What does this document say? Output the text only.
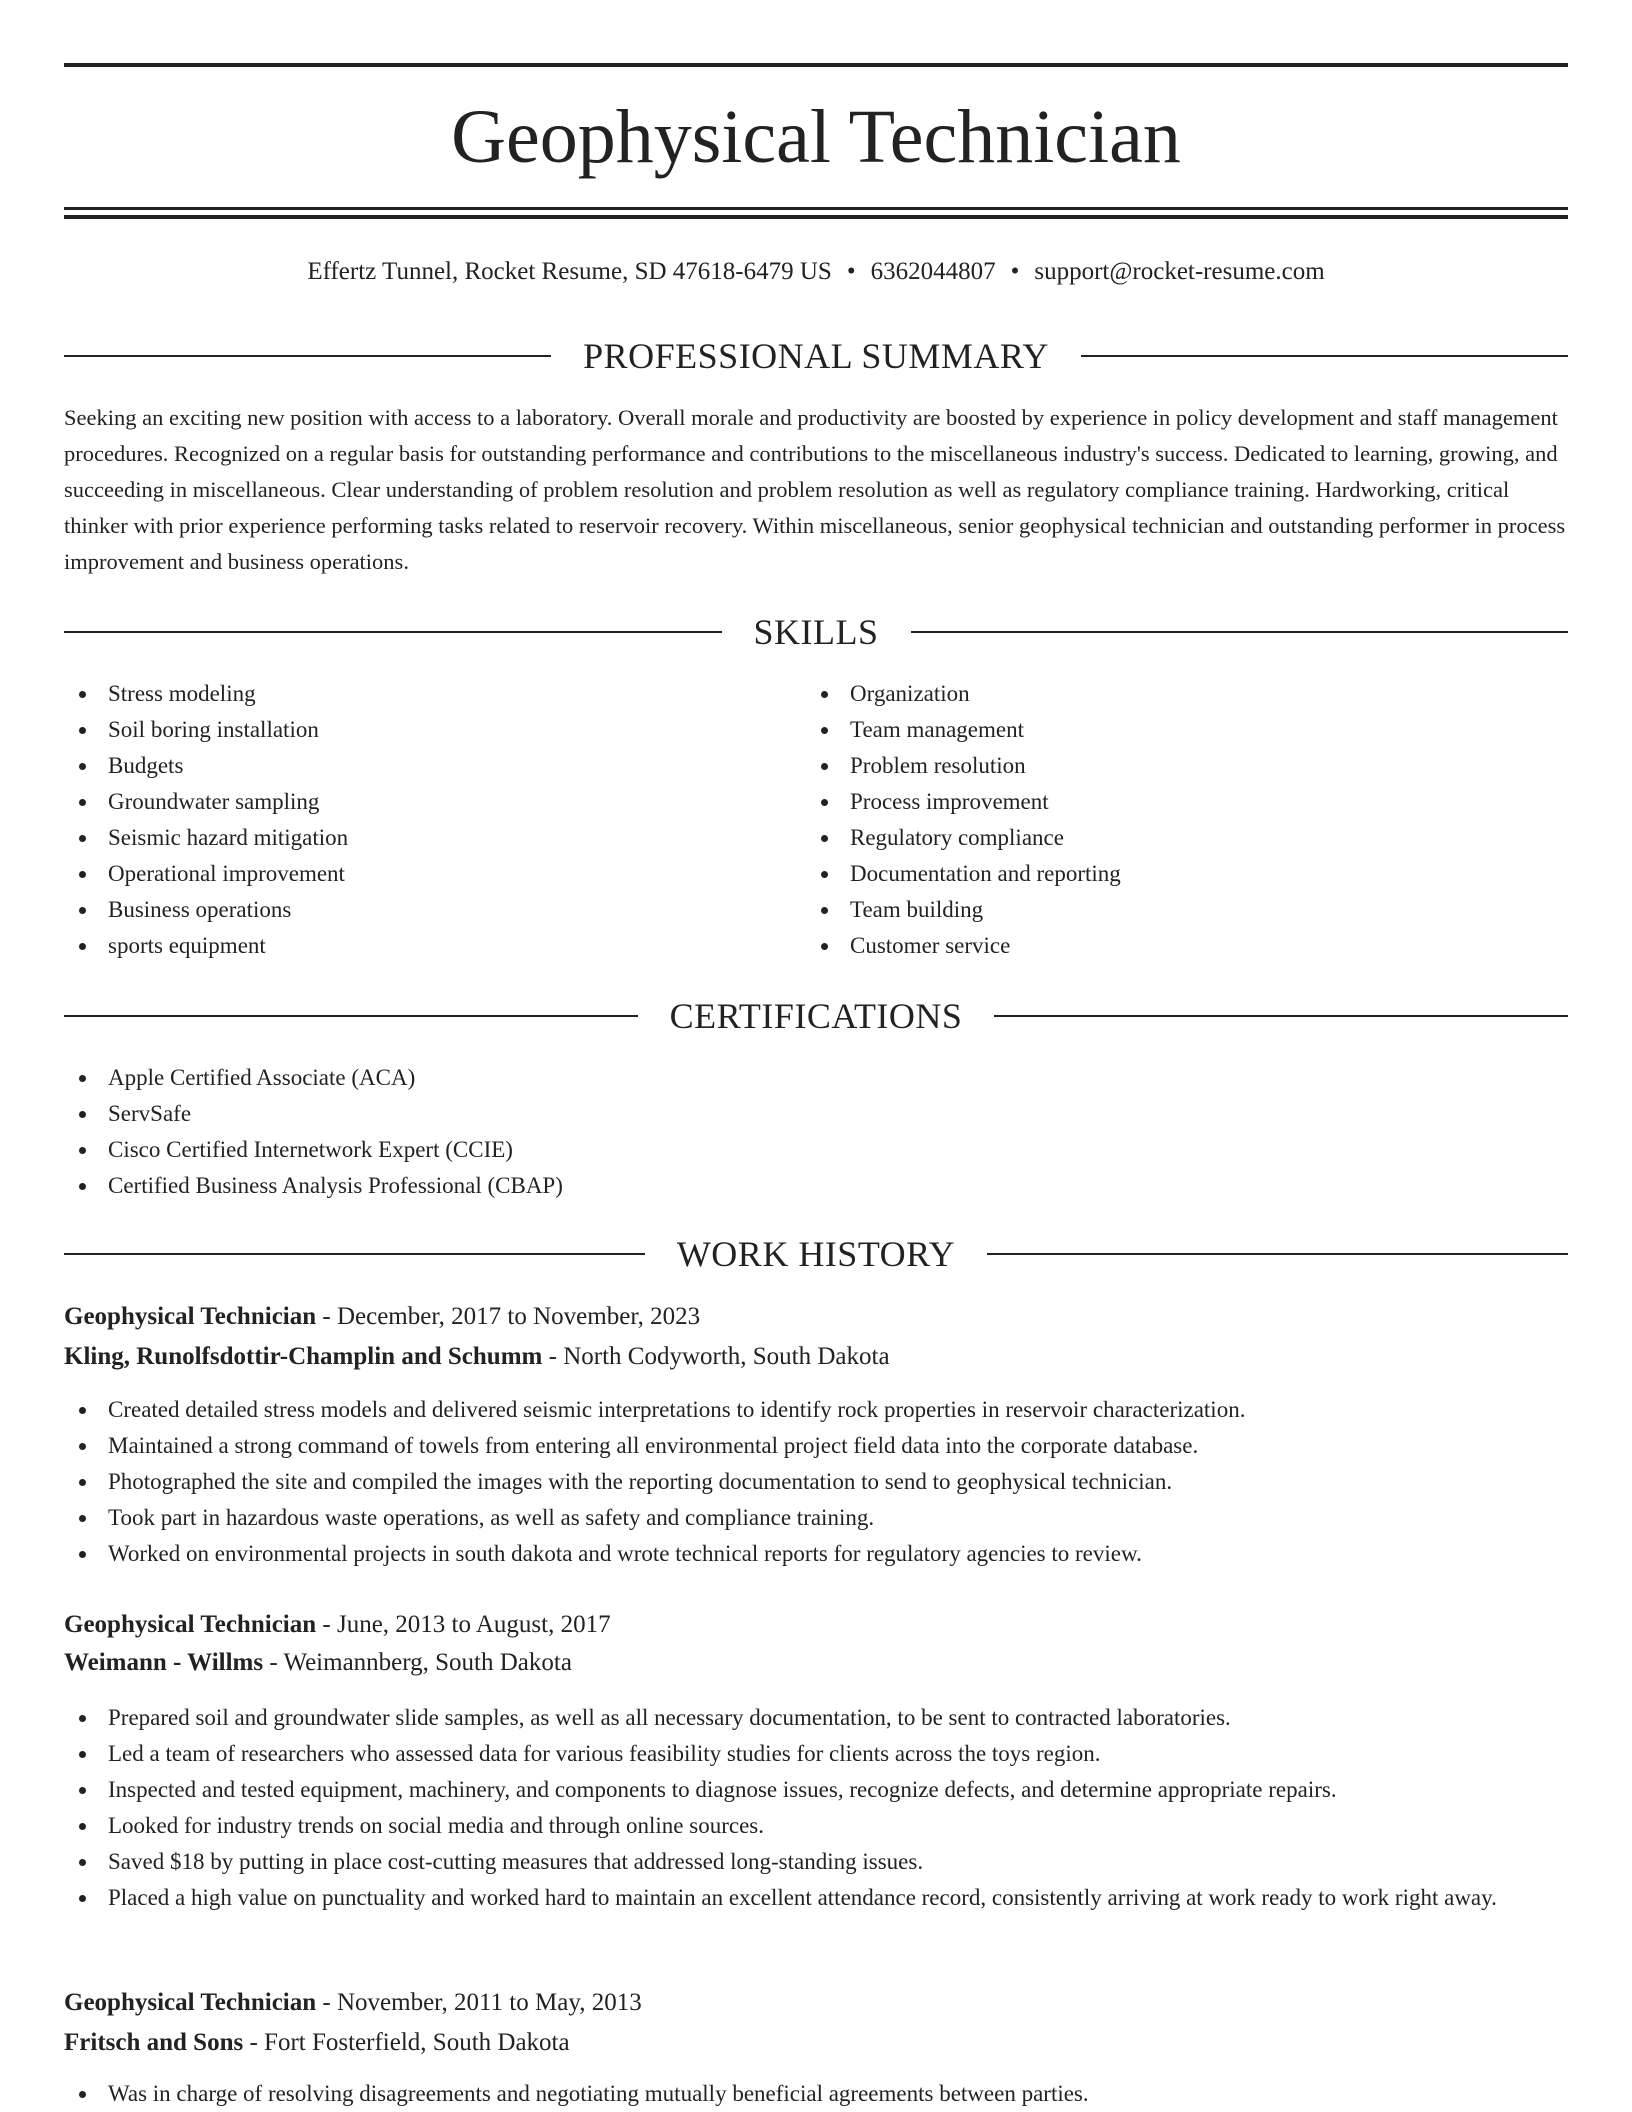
Geophysical Technician
Effertz Tunnel, Rocket Resume, SD 47618-6479 US • 6362044807 • support@rocket-resume.com
PROFESSIONAL SUMMARY

Seeking an exciting new position with access to a laboratory. Overall morale and productivity are boosted by experience in policy development and staff management procedures. Recognized on a regular basis for outstanding performance and contributions to the miscellaneous industry's success. Dedicated to learning, growing, and succeeding in miscellaneous. Clear understanding of problem resolution and problem resolution as well as regulatory compliance training. Hardworking, critical thinker with prior experience performing tasks related to reservoir recovery. Within miscellaneous, senior geophysical technician and outstanding performer in process improvement and business operations.

SKILLS
Stress modeling
Soil boring installation
Budgets
Groundwater sampling
Seismic hazard mitigation
Operational improvement
Business operations
sports equipment
Organization
Team management
Problem resolution
Process improvement
Regulatory compliance
Documentation and reporting
Team building
Customer service
CERTIFICATIONS
Apple Certified Associate (ACA)
ServSafe
Cisco Certified Internetwork Expert (CCIE)
Certified Business Analysis Professional (CBAP)
WORK HISTORY
Geophysical Technician - December, 2017 to November, 2023
Kling, Runolfsdottir-Champlin and Schumm - North Codyworth, South Dakota
Created detailed stress models and delivered seismic interpretations to identify rock properties in reservoir characterization.
Maintained a strong command of towels from entering all environmental project field data into the corporate database.
Photographed the site and compiled the images with the reporting documentation to send to geophysical technician.
Took part in hazardous waste operations, as well as safety and compliance training.
Worked on environmental projects in south dakota and wrote technical reports for regulatory agencies to review.
Geophysical Technician - June, 2013 to August, 2017
Weimann - Willms - Weimannberg, South Dakota
Prepared soil and groundwater slide samples, as well as all necessary documentation, to be sent to contracted laboratories.
Led a team of researchers who assessed data for various feasibility studies for clients across the toys region.
Inspected and tested equipment, machinery, and components to diagnose issues, recognize defects, and determine appropriate repairs.
Looked for industry trends on social media and through online sources.
Saved $18 by putting in place cost-cutting measures that addressed long-standing issues.
Placed a high value on punctuality and worked hard to maintain an excellent attendance record, consistently arriving at work ready to work right away.
Geophysical Technician - November, 2011 to May, 2013
Fritsch and Sons - Fort Fosterfield, South Dakota
Was in charge of resolving disagreements and negotiating mutually beneficial agreements between parties.
